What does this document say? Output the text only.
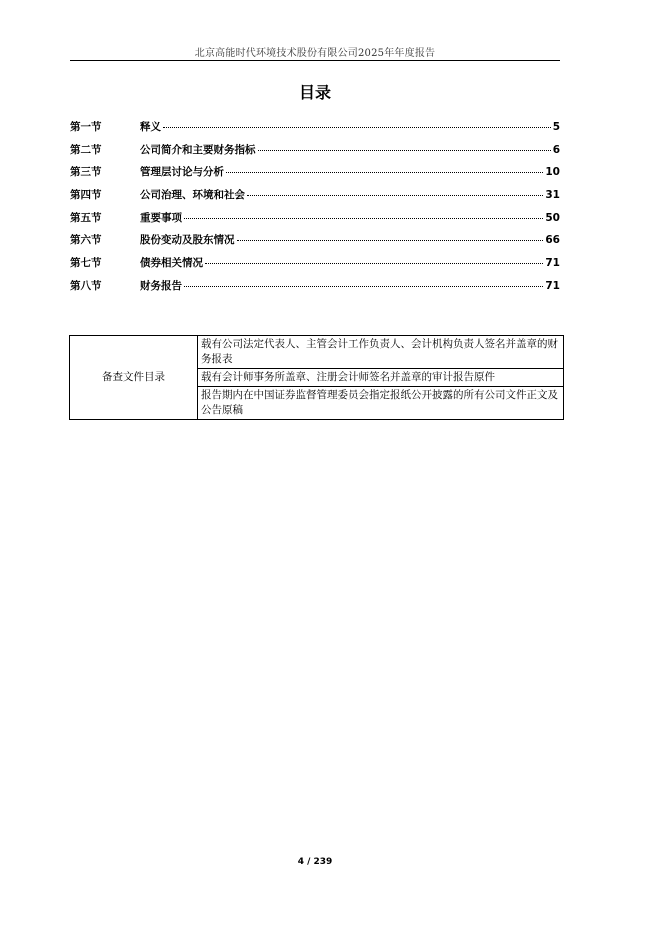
北京高能时代环境技术股份有限公司2025年年度报告
目录
第一节	释义	5
第二节	公司简介和主要财务指标	6
第三节	管理层讨论与分析	10
第四节	公司治理、环境和社会	31
第五节	重要事项	50
第六节	股份变动及股东情况	66
第七节	债券相关情况	71
第八节	财务报告	71
备查文件目录	载有公司法定代表人、主管会计工作负责人、会计机构负责人签名并盖章的财务报表
载有会计师事务所盖章、注册会计师签名并盖章的审计报告原件
报告期内在中国证券监督管理委员会指定报纸公开披露的所有公司文件正文及公告原稿
4 / 239
